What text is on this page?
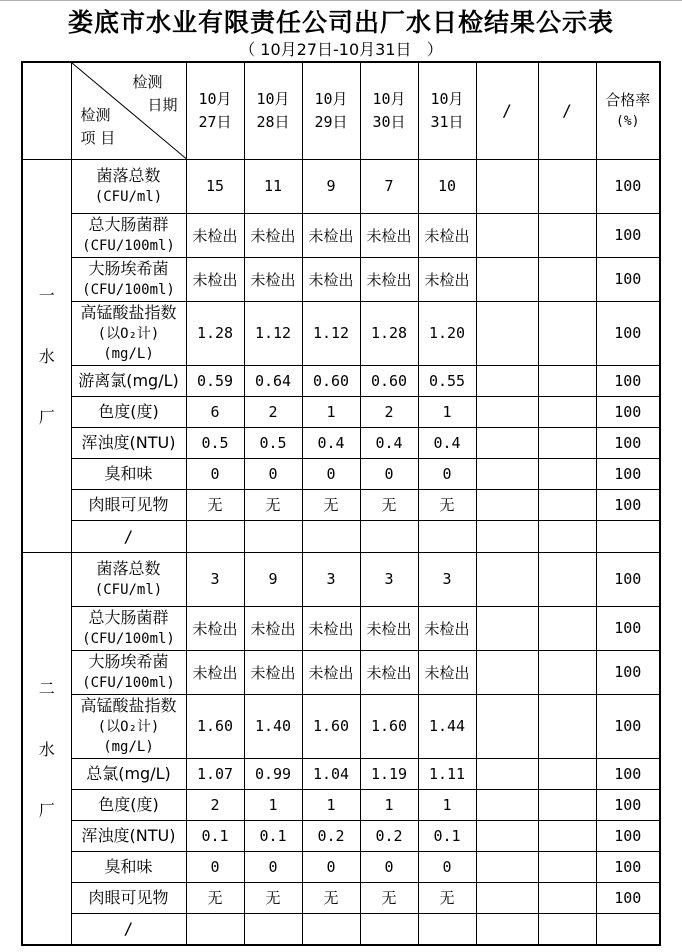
娄底市水业有限责任公司出厂水日检结果公示表
（ 10月27日-10月31日   ）

检测
日期
检测
项 目

10月
27日

10月
28日

10月
29日

10月
30日

10月
31日
	/	/	
合格率
(%)

一
水
厂

菌落总数
(CFU/ml)
	15	11	9	7	10			100

	总大肠菌群
(CFU/100ml)	未检出	未检出	未检出	未检出	未检出			100

	大肠埃希菌
(CFU/100ml)	未检出	未检出	未检出	未检出	未检出			100

	高锰酸盐指数
(以O₂计)
(mg/L)	1.28	1.12	1.12	1.28	1.20			100

	游离氯(mg/L)	0.59	0.64	0.60	0.60	0.55			100

	色度(度)	6	2	1	2	1			100

	浑浊度(NTU)	0.5	0.5	0.4	0.4	0.4			100

	臭和味	0	0	0	0	0			100

	肉眼可见物	无	无	无	无	无			100

	/								

二
水
厂

菌落总数
(CFU/ml)
	3	9	3	3	3			100

	总大肠菌群
(CFU/100ml)	未检出	未检出	未检出	未检出	未检出			100

	大肠埃希菌
(CFU/100ml)	未检出	未检出	未检出	未检出	未检出			100

	高锰酸盐指数
(以O₂计)
(mg/L)	1.60	1.40	1.60	1.60	1.44			100

	总氯(mg/L)	1.07	0.99	1.04	1.19	1.11			100

	色度(度)	2	1	1	1	1			100

	浑浊度(NTU)	0.1	0.1	0.2	0.2	0.1			100

	臭和味	0	0	0	0	0			100

	肉眼可见物	无	无	无	无	无			100

	/								
